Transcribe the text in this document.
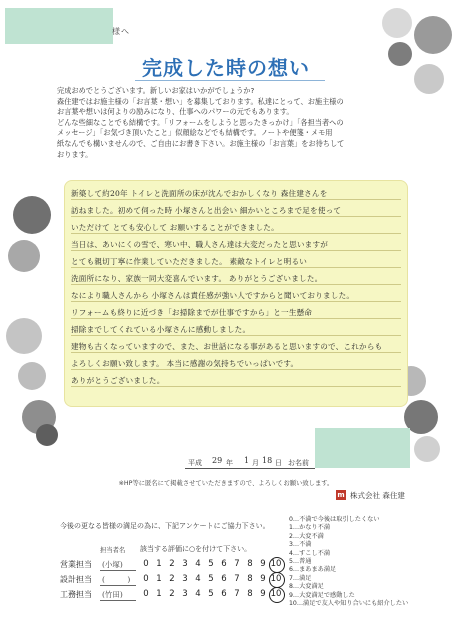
様へ
完成した時の想い
完成おめでとうございます。新しいお家はいかがでしょうか?
森住建ではお施主様の「お言葉・想い」を募集しております。私達にとって、お施主様の
お言葉や想いは何よりの励みになり、仕事へのパワーの元でもあります。
どんな些細なことでも結構です。「リフォームをしようと思ったきっかけ」「各担当者への
メッセージ」「お気づき頂いたこと」似顔絵などでも結構です。ノートや便箋・メモ用
紙なんでも構いませんので、ご自由にお書き下さい。お施主様の「お言葉」をお待ちして
おります。
新築して約20年 トイレと洗面所の床が沈んでおかしくなり 森住建さんを
訪ねました。初めて伺った時 小塚さんと出会い 細かいところまで足を使って
いただけて とても安心して お願いすることができました。
当日は、あいにくの雪で、寒い中、職人さん達は大変だったと思いますが
とても親切丁寧に作業していただきました。 素敵なトイレと明るい
洗面所になり、家族一同大変喜んでいます。 ありがとうございました。
なにより職人さんから 小塚さんは責任感が強い人ですからと聞いておりました。
リフォームも終りに近づき「お掃除までが仕事ですから」と一生懸命
掃除までしてくれている小塚さんに感動しました。
建物も古くなっていますので、また、お世話になる事があると思いますので、これからも
よろしくお願い致します。 本当に感謝の気持ちでいっぱいです。
ありがとうございました。
平成 29 年 1 月 18 日 お名前
※HP等に匿名にて掲載させていただきますので、よろしくお願い致します。
m 株式会社 森住建
今後の更なる皆様の満足の為に、下記アンケートにご協力下さい。
担当者名 該当する評価に○を付けて下さい。
0…不満で今後は取引したくない
1…かなり不満
2…大変不満
3…不満
4…すこし不満
5…普通
6…まあまあ満足
7…満足
8…大変満足
9…大変満足で感動した
10…満足で友人や知り合いにも紹介したい
営業担当 (小塚)	0 1 2 3 4 5 6 7 8 9 10
設計担当 (　　　)	0 1 2 3 4 5 6 7 8 9 10
工務担当 (竹田)	0 1 2 3 4 5 6 7 8 9 10
